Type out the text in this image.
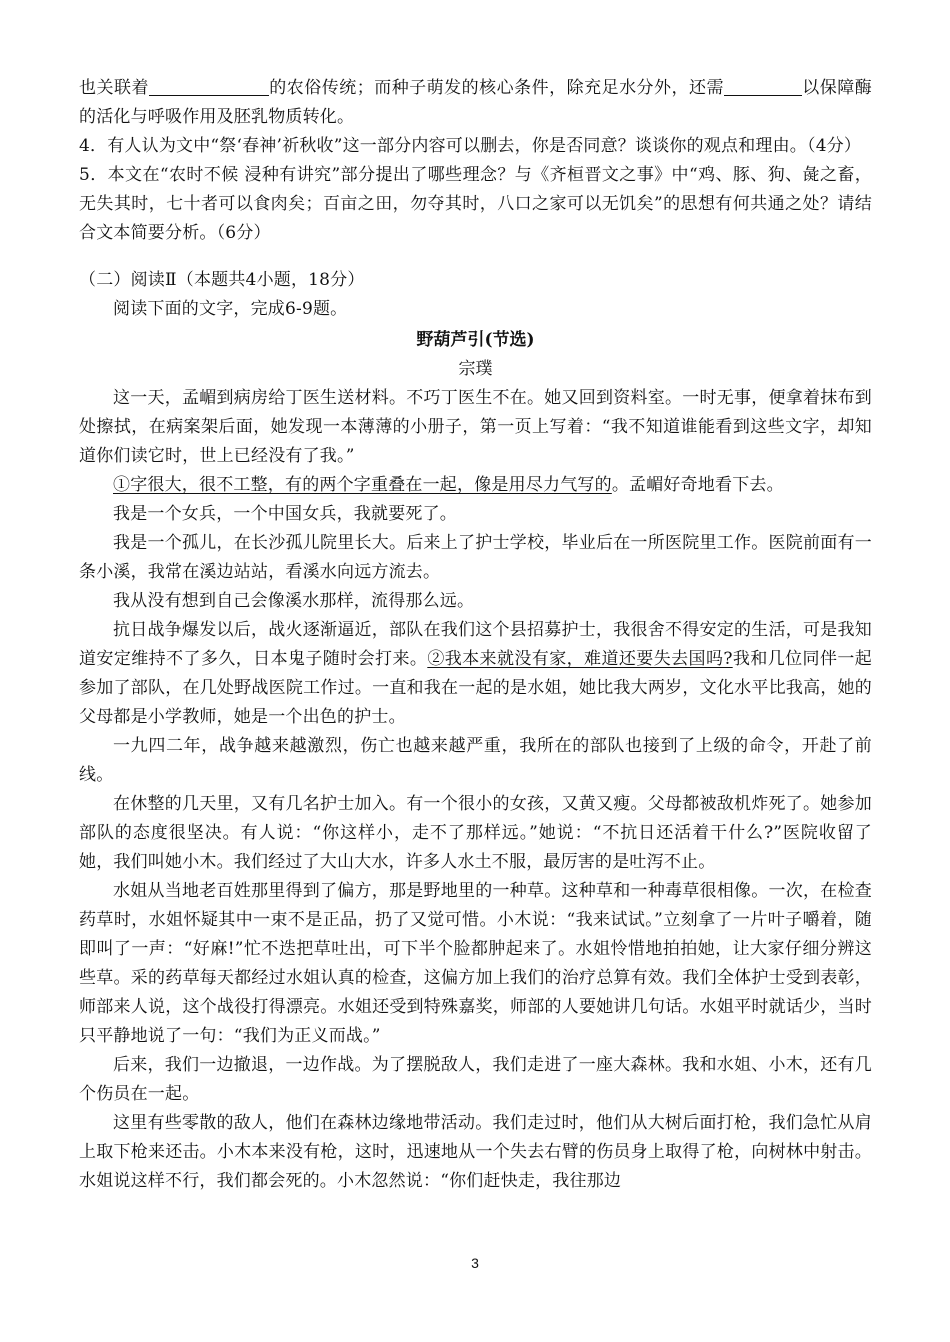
也关联着	的农俗传统；而种子萌发的核心条件，除充足水分外，还需	以保障酶的活化与呼吸作用及胚乳物质转化。

4．有人认为文中“祭‘春神’祈秋收”这一部分内容可以删去，你是否同意？谈谈你的观点和理由。（4分）

5．本文在“农时不候 浸种有讲究”部分提出了哪些理念？与《齐桓晋文之事》中“鸡、豚、狗、彘之畜，无失其时，七十者可以食肉矣；百亩之田，勿夺其时，八口之家可以无饥矣”的思想有何共通之处？请结合文本简要分析。（6分）

（二）阅读Ⅱ（本题共4小题，18分）

阅读下面的文字，完成6-9题。

野葫芦引(节选)

宗璞

这一天，孟嵋到病房给丁医生送材料。不巧丁医生不在。她又回到资料室。一时无事，便拿着抹布到处擦拭，在病案架后面，她发现一本薄薄的小册子，第一页上写着：“我不知道谁能看到这些文字，却知道你们读它时，世上已经没有了我。”

①字很大，很不工整，有的两个字重叠在一起，像是用尽力气写的。孟嵋好奇地看下去。

我是一个女兵，一个中国女兵，我就要死了。

我是一个孤儿，在长沙孤儿院里长大。后来上了护士学校，毕业后在一所医院里工作。医院前面有一条小溪，我常在溪边站站，看溪水向远方流去。

我从没有想到自己会像溪水那样，流得那么远。

抗日战争爆发以后，战火逐渐逼近，部队在我们这个县招募护士，我很舍不得安定的生活，可是我知道安定维持不了多久，日本鬼子随时会打来。②我本来就没有家，难道还要失去国吗?我和几位同伴一起参加了部队，在几处野战医院工作过。一直和我在一起的是水姐，她比我大两岁，文化水平比我高，她的父母都是小学教师，她是一个出色的护士。

一九四二年，战争越来越激烈，伤亡也越来越严重，我所在的部队也接到了上级的命令，开赴了前线。

在休整的几天里，又有几名护士加入。有一个很小的女孩，又黄又瘦。父母都被敌机炸死了。她参加部队的态度很坚决。有人说：“你这样小，走不了那样远。”她说：“不抗日还活着干什么?”医院收留了她，我们叫她小木。我们经过了大山大水，许多人水土不服，最厉害的是吐泻不止。

水姐从当地老百姓那里得到了偏方，那是野地里的一种草。这种草和一种毒草很相像。一次，在检查药草时，水姐怀疑其中一束不是正品，扔了又觉可惜。小木说：“我来试试。”立刻拿了一片叶子嚼着，随即叫了一声：“好麻!”忙不迭把草吐出，可下半个脸都肿起来了。水姐怜惜地拍拍她，让大家仔细分辨这些草。采的药草每天都经过水姐认真的检查，这偏方加上我们的治疗总算有效。我们全体护士受到表彰，师部来人说，这个战役打得漂亮。水姐还受到特殊嘉奖，师部的人要她讲几句话。水姐平时就话少，当时只平静地说了一句：“我们为正义而战。”

后来，我们一边撤退，一边作战。为了摆脱敌人，我们走进了一座大森林。我和水姐、小木，还有几个伤员在一起。

这里有些零散的敌人，他们在森林边缘地带活动。我们走过时，他们从大树后面打枪，我们急忙从肩上取下枪来还击。小木本来没有枪，这时，迅速地从一个失去右臂的伤员身上取得了枪，向树林中射击。水姐说这样不行，我们都会死的。小木忽然说：“你们赶快走，我往那边

3
